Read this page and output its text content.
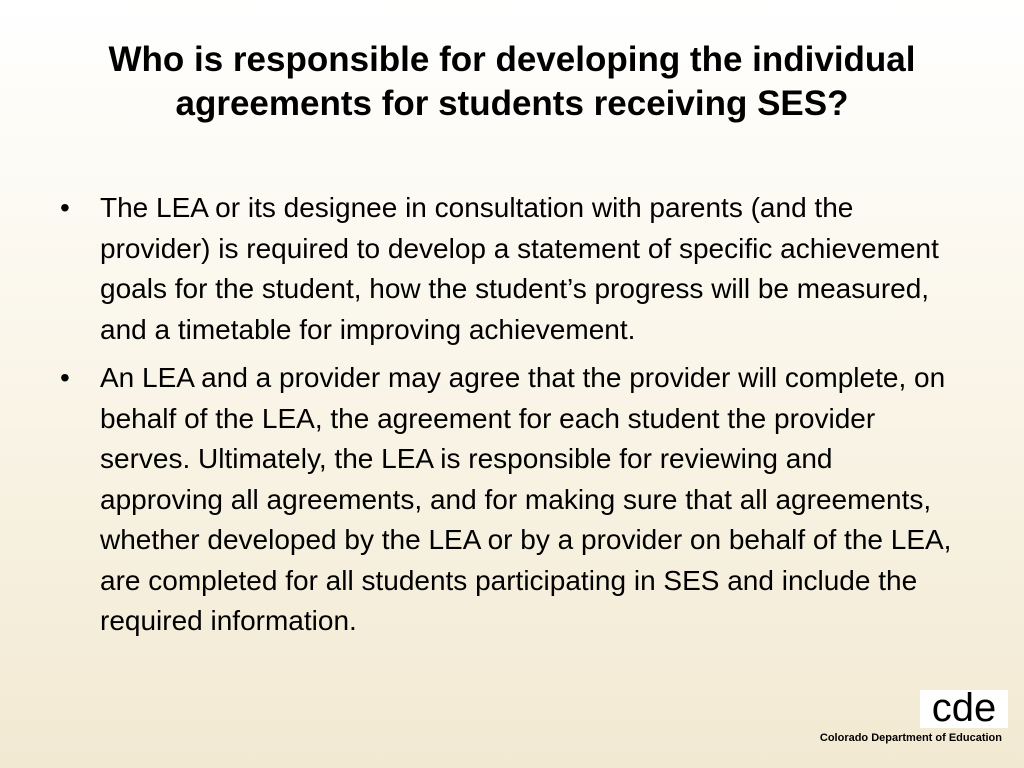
Who is responsible for developing the individual agreements for students receiving SES?
• The LEA or its designee in consultation with parents (and the provider) is required to develop a statement of specific achievement goals for the student, how the student’s progress will be measured, and a timetable for improving achievement.
• An LEA and a provider may agree that the provider will complete, on behalf of the LEA, the agreement for each student the provider serves. Ultimately, the LEA is responsible for reviewing and approving all agreements, and for making sure that all agreements, whether developed by the LEA or by a provider on behalf of the LEA, are completed for all students participating in SES and include the required information.
cde
Colorado Department of Education
